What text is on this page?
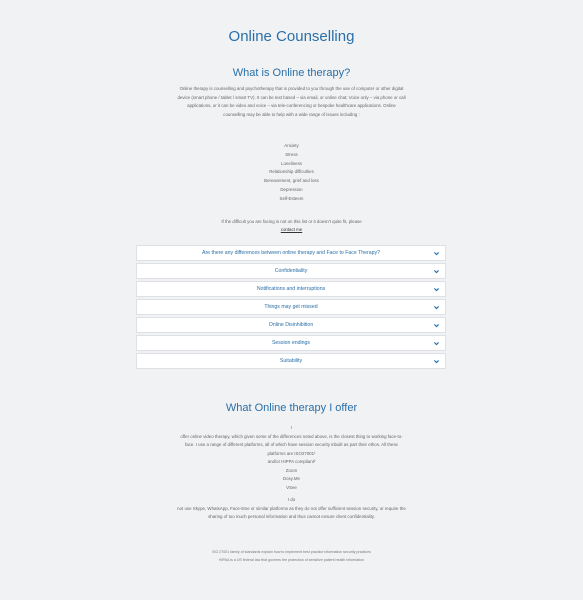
Online Counselling
What is Online therapy?
Online therapy is counselling and psychotherapy that is provided to you through the use of computer or other digital
device (smart phone / tablet / smart TV). It can be text based – via email, or online chat; Voice only – via phone or call
applications, or it can be video and voice – via tele-conferencing or bespoke healthcare applications. Online
counselling may be able to help with a wide range of issues including :
Anxiety
Stress
Loneliness
Relationship difficulties
Bereavement, grief and loss
Depression
Self-Esteem
If the difficult you are facing is not on this list or it doesn't quite fit, please
contact me
Are there any differences between online therapy and Face to Face Therapy?
Confidentiality
Notifications and interruptions
Things may get missed
Online Disinhibition
Session endings
Suitability
What Online therapy I offer
I
offer online video therapy, which given some of the differences noted above, is the closest thing to working face-to-
face. I use a range of different platforms, all of which have session security inbuilt as part their ethos. All these
platforms are ISO27001¹
and/or HIPPA compliant²
Zoom
Doxy.Me
VSee
I do
not use Skype, WhatsApp, Face-time or similar platforms as they do not offer sufficient session security, or require the
sharing of too much personal information and thus cannot ensure client confidentiality.
ISO 27001 family of standards explain how to implement best practice information security practices
HIPAA is a US federal law that governs the protection of sensitive patient health information
